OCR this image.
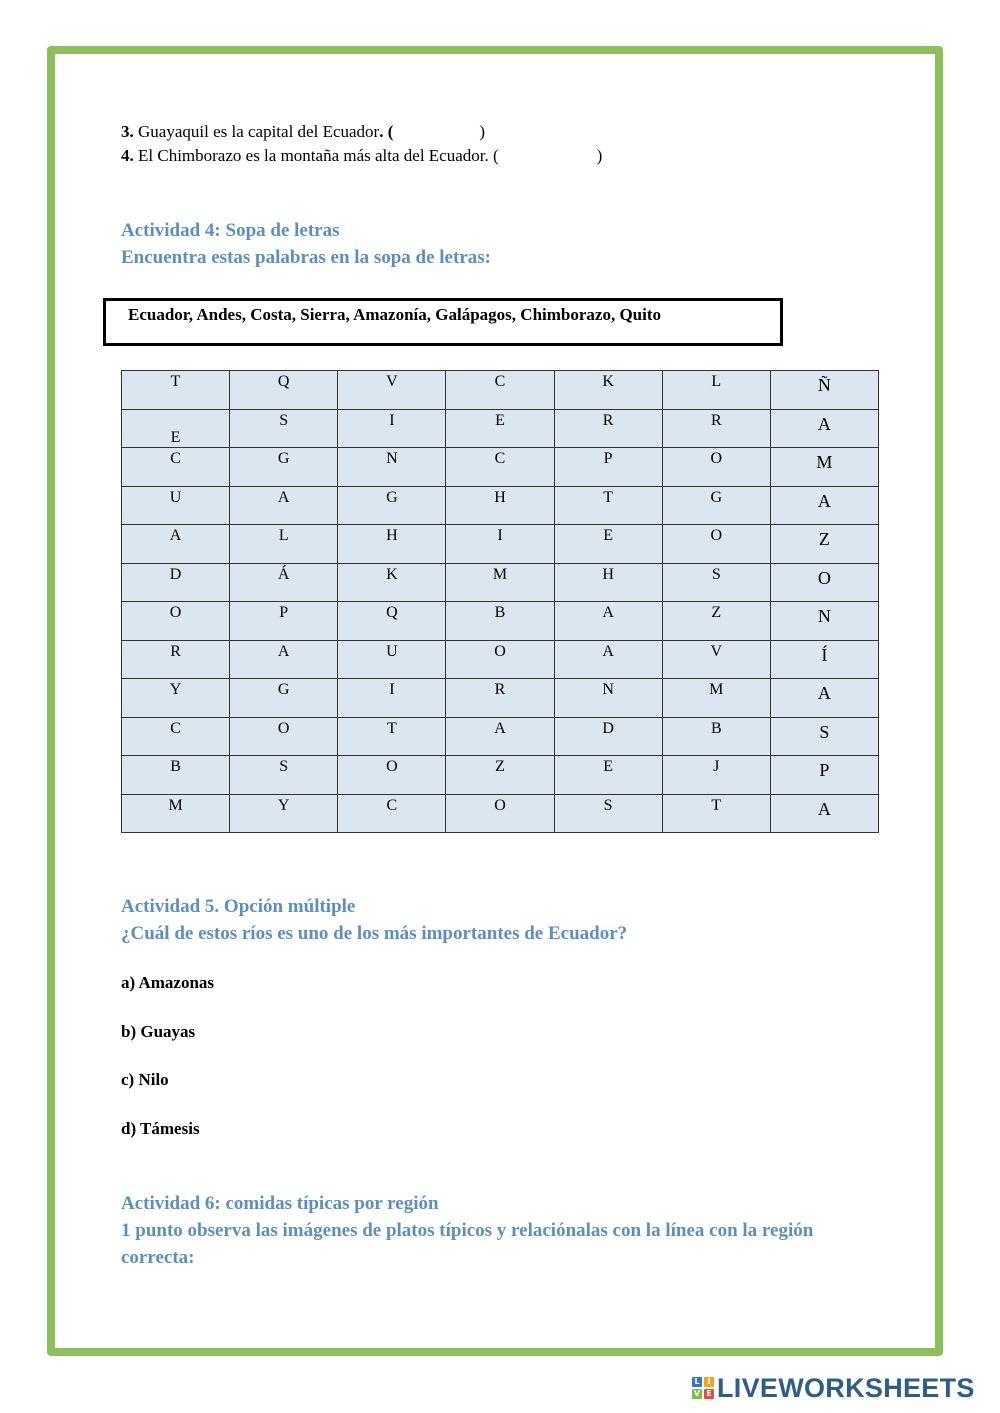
3. Guayaquil es la capital del Ecuador. (	)
4. El Chimborazo es la montaña más alta del Ecuador. (	)
Actividad 4: Sopa de letras
Encuentra estas palabras en la sopa de letras:
Ecuador, Andes, Costa, Sierra, Amazonía, Galápagos, Chimborazo, Quito
T	Q	V	C	K	L	Ñ
E	S	I	E	R	R	A
C	G	N	C	P	O	M
U	A	G	H	T	G	A
A	L	H	I	E	O	Z
D	Á	K	M	H	S	O
O	P	Q	B	A	Z	N
R	A	U	O	A	V	Í
Y	G	I	R	N	M	A
C	O	T	A	D	B	S
B	S	O	Z	E	J	P
M	Y	C	O	S	T	A
Actividad 5. Opción múltiple
¿Cuál de estos ríos es uno de los más importantes de Ecuador?
a) Amazonas
b) Guayas
c) Nilo
d) Támesis
Actividad 6: comidas típicas por región
1 punto observa las imágenes de platos típicos y relaciónalas con la línea con la región
correcta:
L I
V E LIVEWORKSHEETS
